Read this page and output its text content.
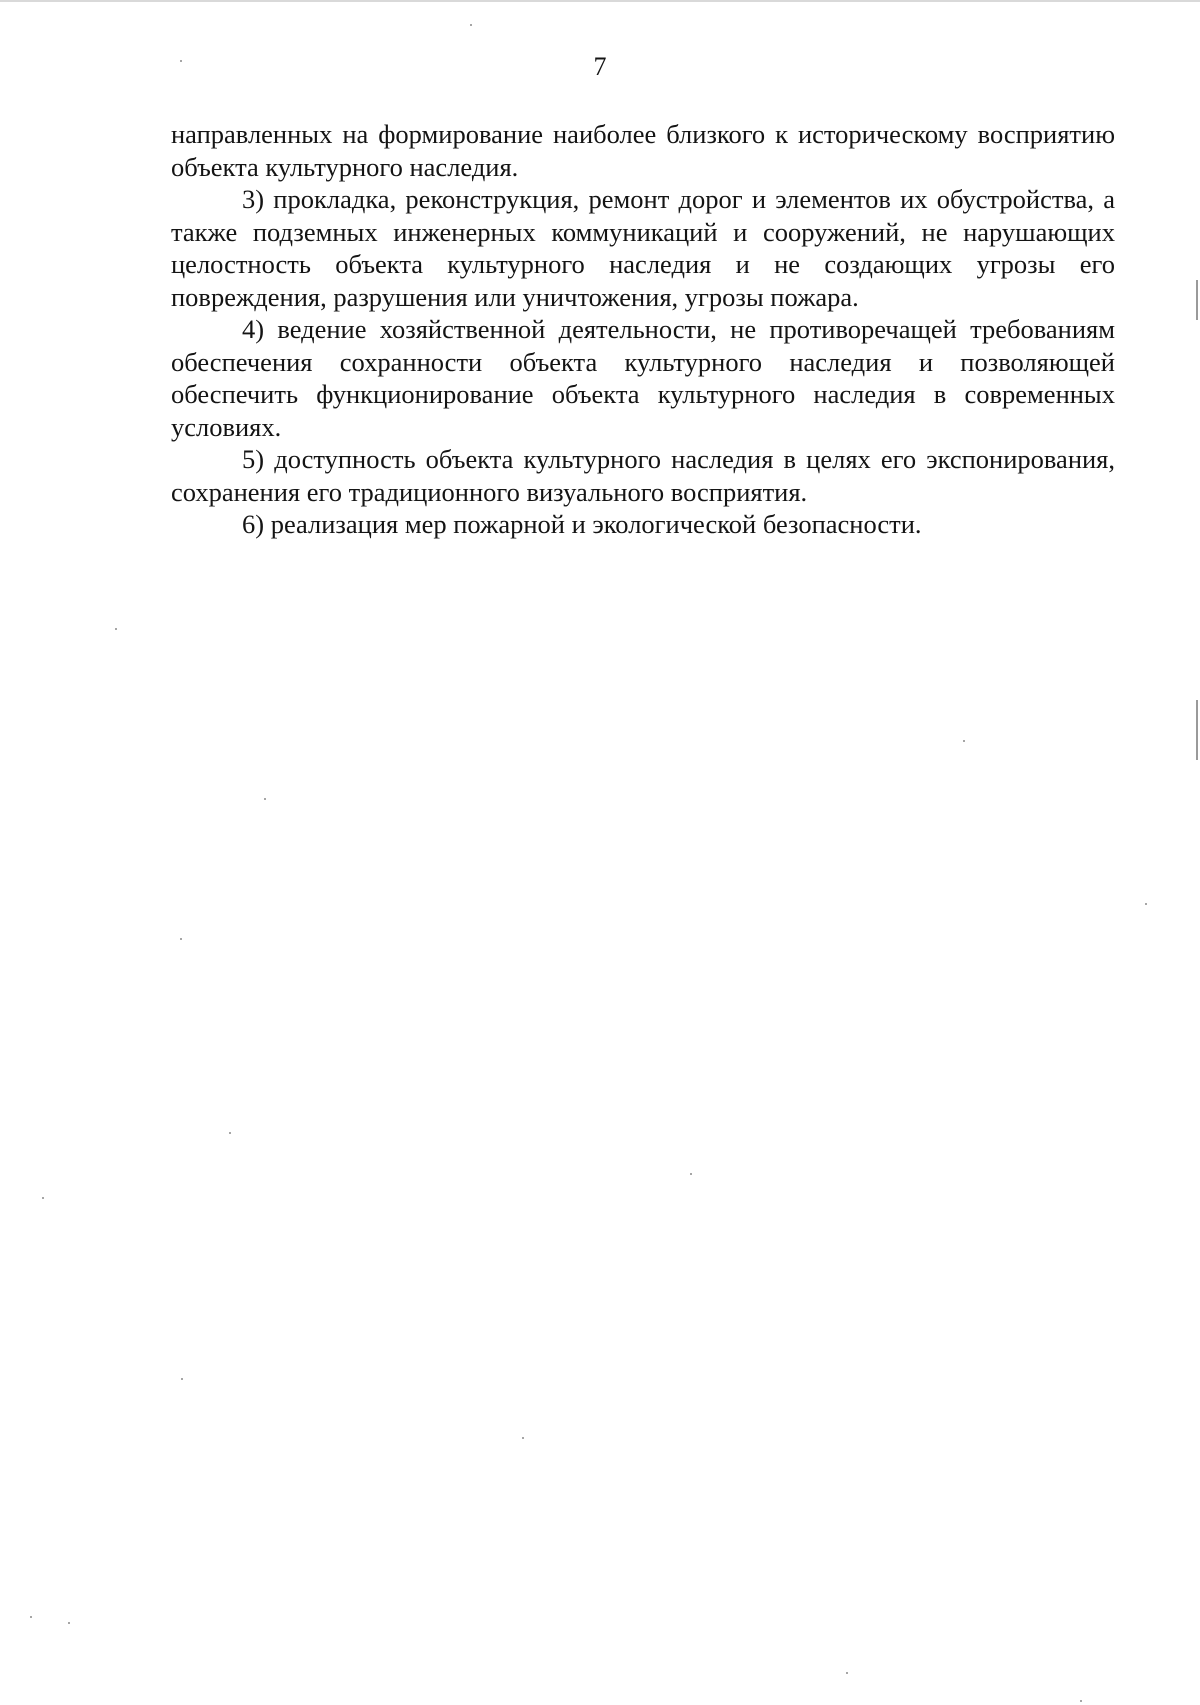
7

направленных на формирование наиболее близкого к историческому восприятию объекта культурного наследия.

3) прокладка, реконструкция, ремонт дорог и элементов их обустройства, а также подземных инженерных коммуникаций и сооружений, не нарушающих целостность объекта культурного наследия и не создающих угрозы его повреждения, разрушения или уничтожения, угрозы пожара.

4) ведение хозяйственной деятельности, не противоречащей требованиям обеспечения сохранности объекта культурного наследия и позволяющей обеспечить функционирование объекта культурного наследия в современных условиях.

5) доступность объекта культурного наследия в целях его экспонирования, сохранения его традиционного визуального восприятия.

6) реализация мер пожарной и экологической безопасности.
